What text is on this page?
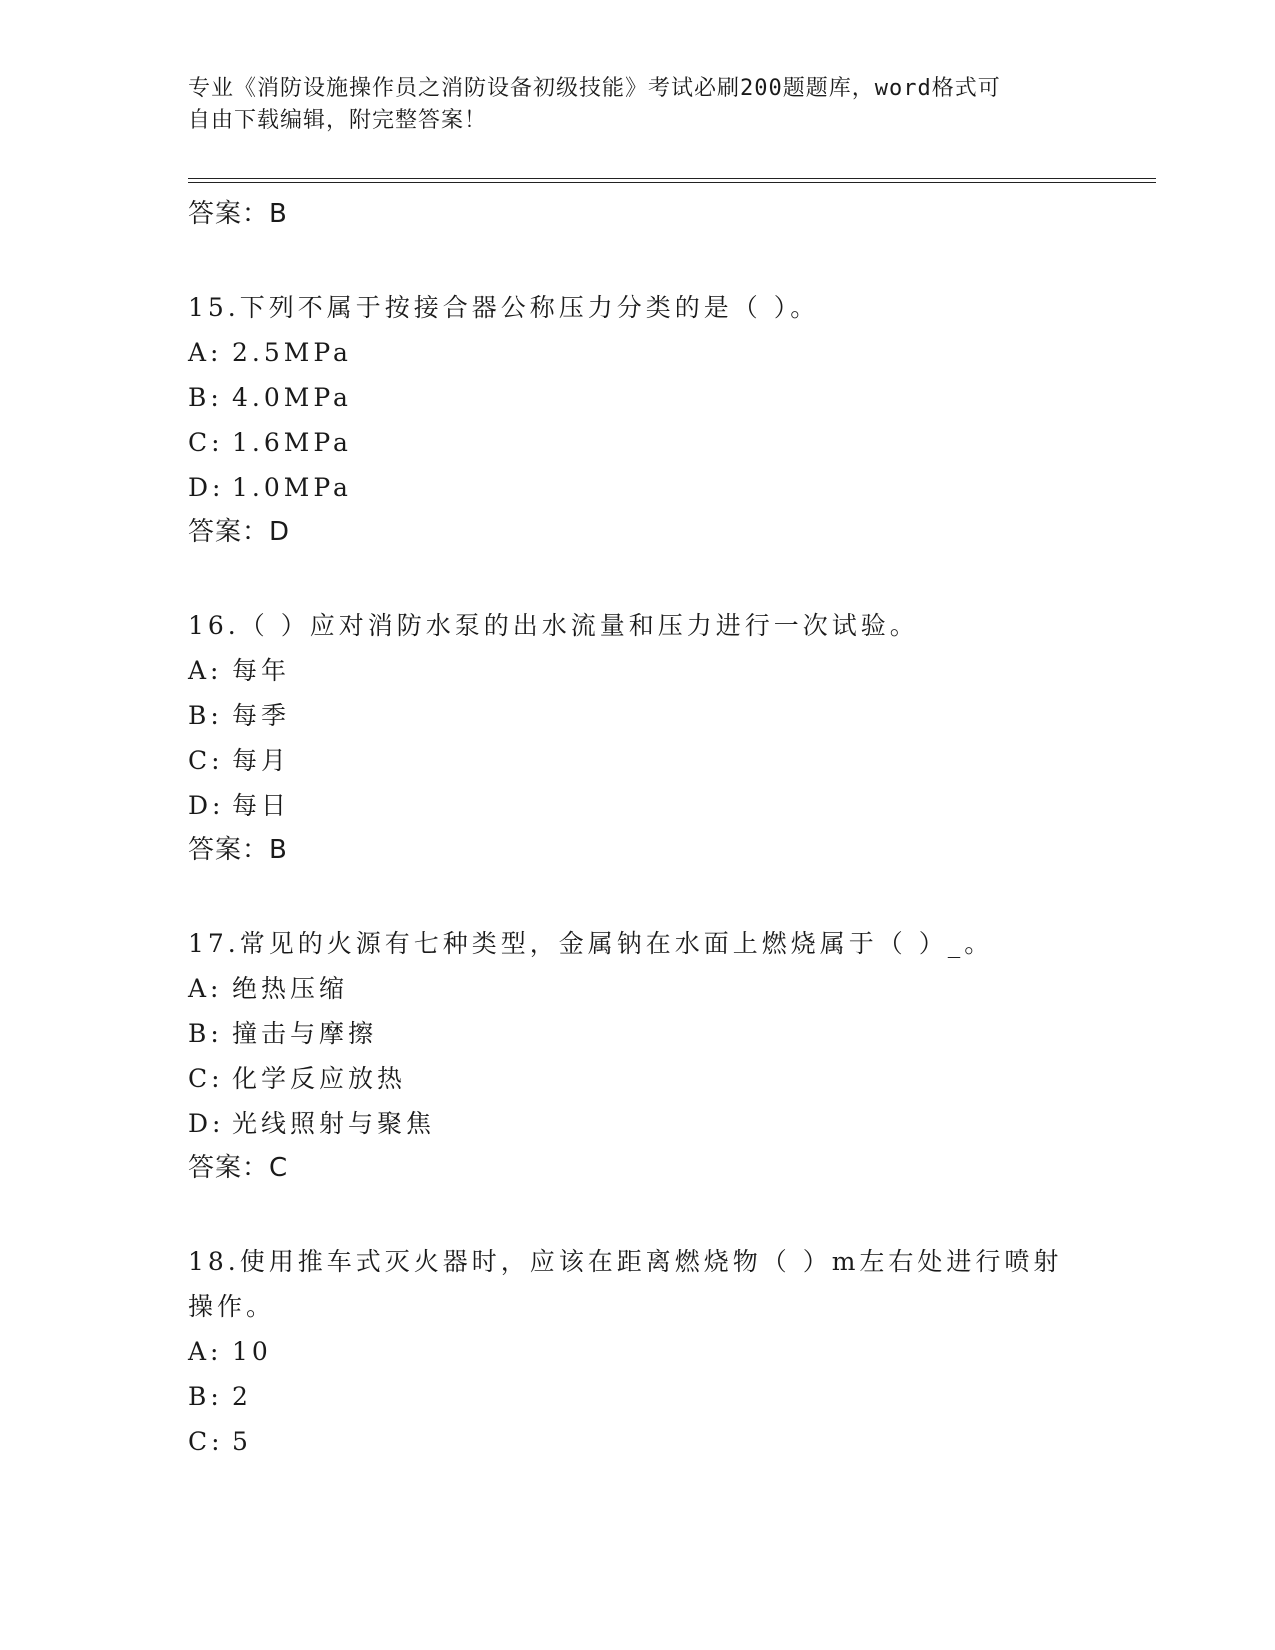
专业《消防设施操作员之消防设备初级技能》考试必刷200题题库，word格式可
自由下载编辑，附完整答案！
答案：B
15.下列不属于按接合器公称压力分类的是（ ）。
A: 2.5MPa
B: 4.0MPa
C: 1.6MPa
D: 1.0MPa
答案：D
16.（ ）应对消防水泵的出水流量和压力进行一次试验。
A: 每年
B: 每季
C: 每月
D: 每日
答案：B
17.常见的火源有七种类型，金属钠在水面上燃烧属于（ ）_。
A: 绝热压缩
B: 撞击与摩擦
C: 化学反应放热
D: 光线照射与聚焦
答案：C
18.使用推车式灭火器时，应该在距离燃烧物（ ）m左右处进行喷射操作。
A: 10
B: 2
C: 5
